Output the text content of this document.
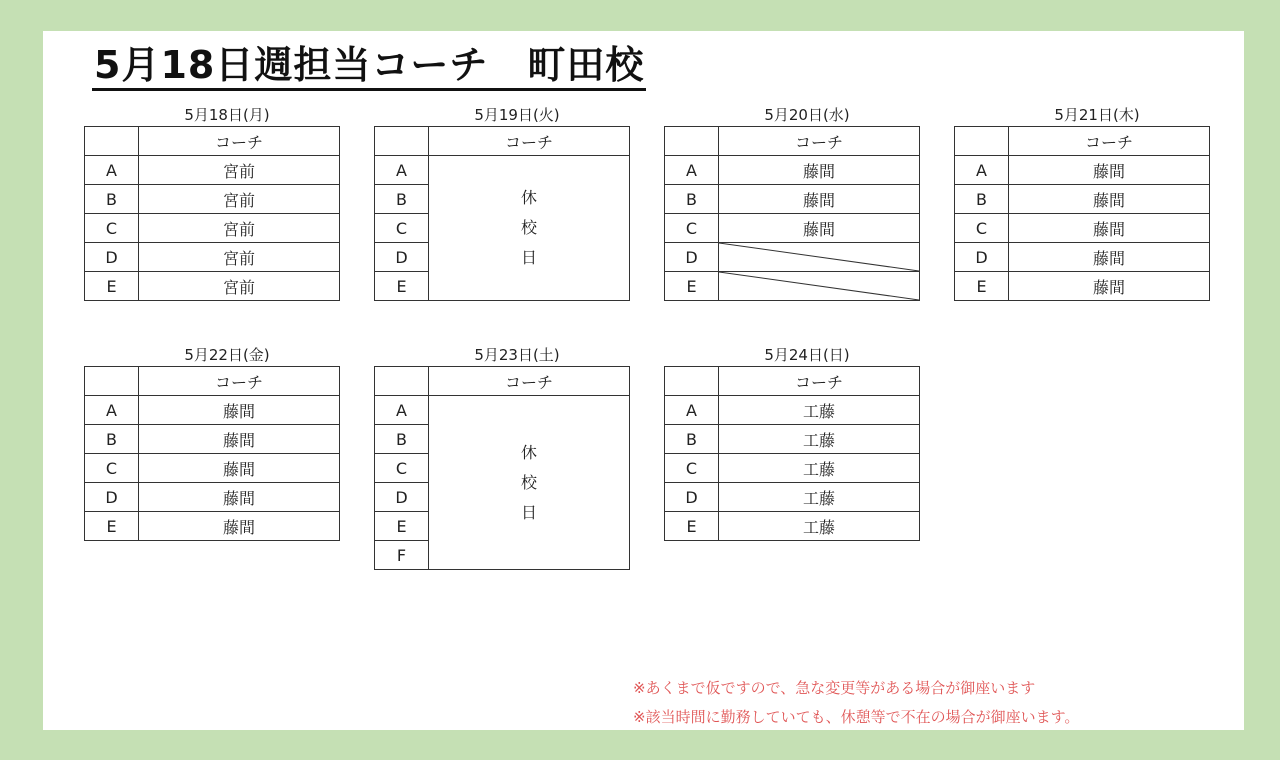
5月18日週担当コーチ　町田校
5月18日(月)
	コーチ
A	宮前
B	宮前
C	宮前
D	宮前
E	宮前
5月19日(火)
	コーチ
A	休校日
B	
C	
D	
E	
5月20日(水)
	コーチ
A	藤間
B	藤間
C	藤間
D	

E	
5月21日(木)
	コーチ
A	藤間
B	藤間
C	藤間
D	藤間
E	藤間
5月22日(金)
	コーチ
A	藤間
B	藤間
C	藤間
D	藤間
E	藤間
5月23日(土)
	コーチ
A	休校日
B	
C	
D	
E	
F	
5月24日(日)
	コーチ
A	工藤
B	工藤
C	工藤
D	工藤
E	工藤
※あくまで仮ですので、急な変更等がある場合が御座います
※該当時間に勤務していても、休憩等で不在の場合が御座います。
